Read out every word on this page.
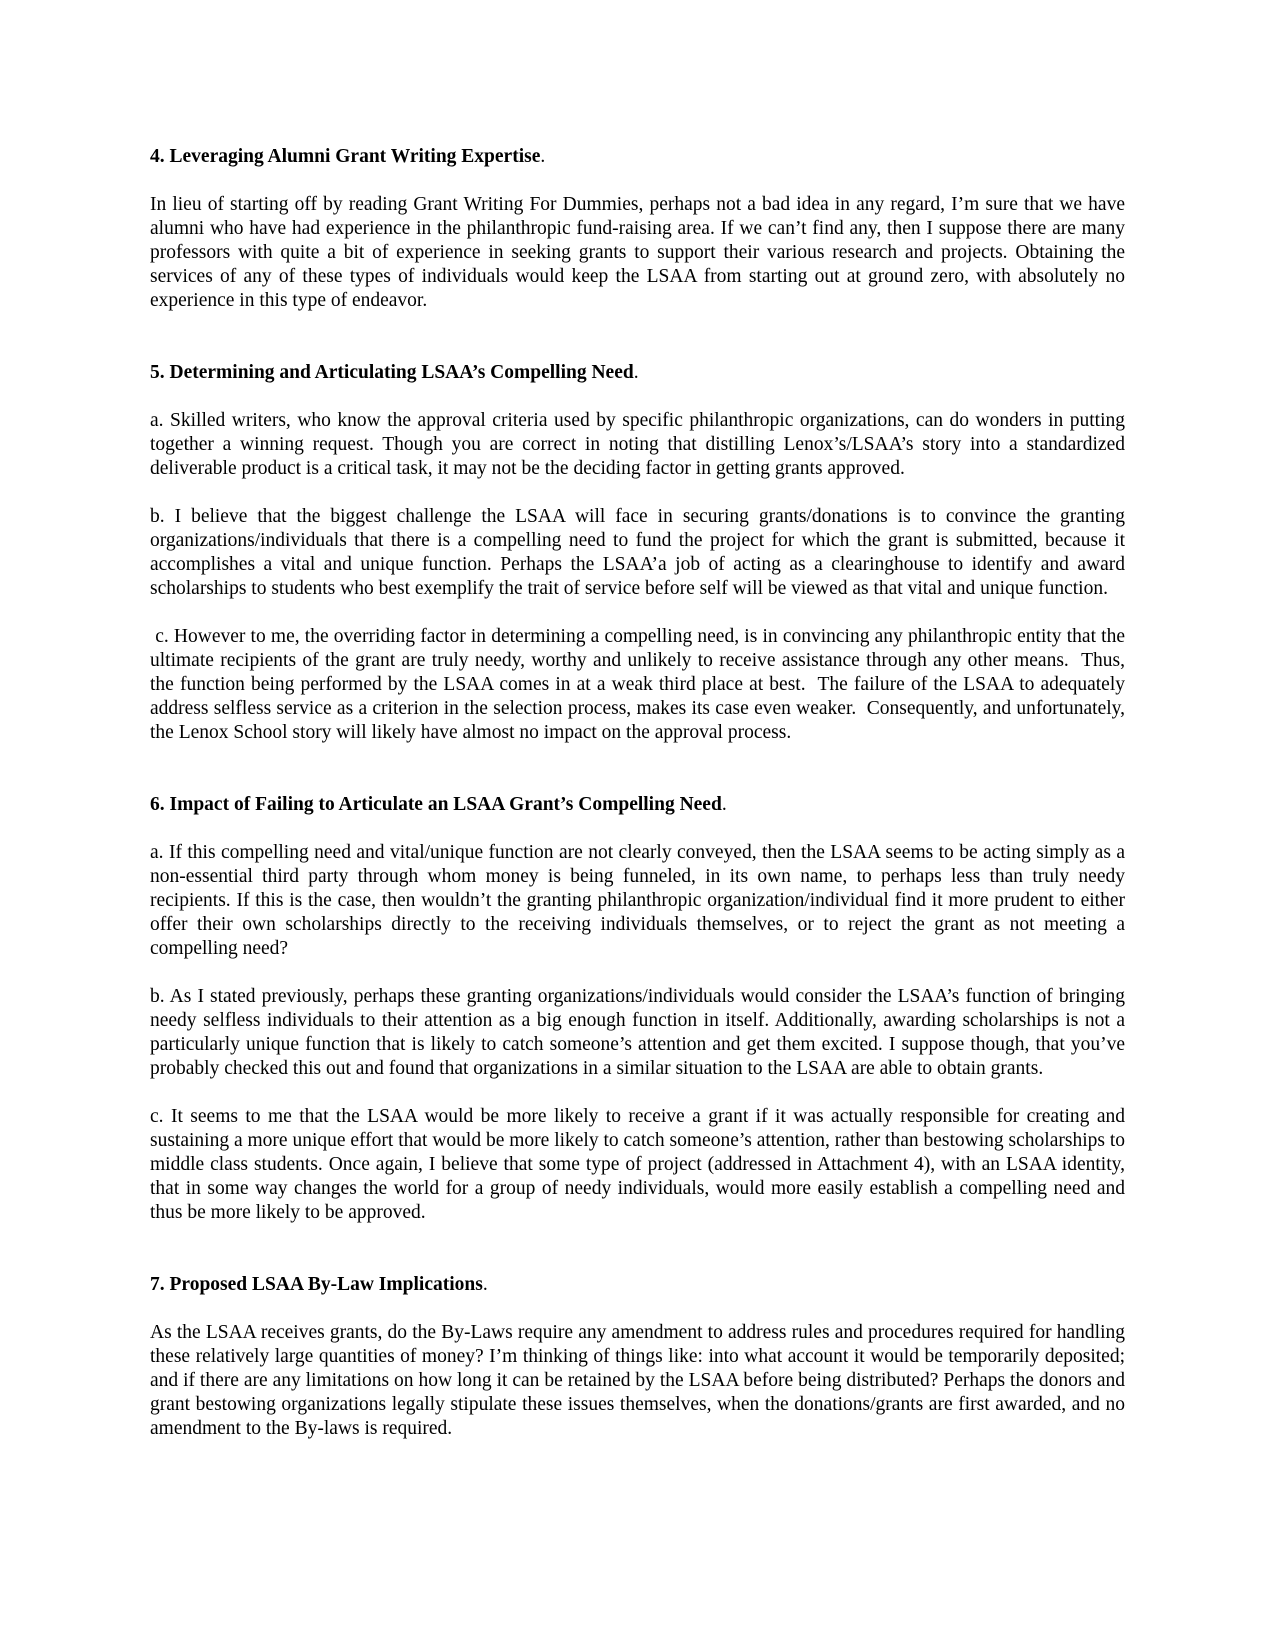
4. Leveraging Alumni Grant Writing Expertise.

In lieu of starting off by reading Grant Writing For Dummies, perhaps not a bad idea in any regard, I’m sure that we have alumni who have had experience in the philanthropic fund-raising area. If we can’t find any, then I suppose there are many professors with quite a bit of experience in seeking grants to support their various research and projects. Obtaining the services of any of these types of individuals would keep the LSAA from starting out at ground zero, with absolutely no experience in this type of endeavor.

5. Determining and Articulating LSAA’s Compelling Need.

a. Skilled writers, who know the approval criteria used by specific philanthropic organizations, can do wonders in putting together a winning request. Though you are correct in noting that distilling Lenox’s/LSAA’s story into a standardized deliverable product is a critical task, it may not be the deciding factor in getting grants approved.

b. I believe that the biggest challenge the LSAA will face in securing grants/donations is to convince the granting organizations/individuals that there is a compelling need to fund the project for which the grant is submitted, because it accomplishes a vital and unique function. Perhaps the LSAA’a job of acting as a clearinghouse to identify and award scholarships to students who best exemplify the trait of service before self will be viewed as that vital and unique function.

c. However to me, the overriding factor in determining a compelling need, is in convincing any philanthropic entity that the ultimate recipients of the grant are truly needy, worthy and unlikely to receive assistance through any other means.  Thus, the function being performed by the LSAA comes in at a weak third place at best.  The failure of the LSAA to adequately address selfless service as a criterion in the selection process, makes its case even weaker.  Consequently, and unfortunately, the Lenox School story will likely have almost no impact on the approval process.

6. Impact of Failing to Articulate an LSAA Grant’s Compelling Need.

a. If this compelling need and vital/unique function are not clearly conveyed, then the LSAA seems to be acting simply as a non-essential third party through whom money is being funneled, in its own name, to perhaps less than truly needy recipients. If this is the case, then wouldn’t the granting philanthropic organization/individual find it more prudent to either offer their own scholarships directly to the receiving individuals themselves, or to reject the grant as not meeting a compelling need?

b. As I stated previously, perhaps these granting organizations/individuals would consider the LSAA’s function of bringing needy selfless individuals to their attention as a big enough function in itself. Additionally, awarding scholarships is not a particularly unique function that is likely to catch someone’s attention and get them excited. I suppose though, that you’ve probably checked this out and found that organizations in a similar situation to the LSAA are able to obtain grants.

c. It seems to me that the LSAA would be more likely to receive a grant if it was actually responsible for creating and sustaining a more unique effort that would be more likely to catch someone’s attention, rather than bestowing scholarships to middle class students. Once again, I believe that some type of project (addressed in Attachment 4), with an LSAA identity, that in some way changes the world for a group of needy individuals, would more easily establish a compelling need and thus be more likely to be approved.

7. Proposed LSAA By-Law Implications.

As the LSAA receives grants, do the By-Laws require any amendment to address rules and procedures required for handling these relatively large quantities of money? I’m thinking of things like: into what account it would be temporarily deposited; and if there are any limitations on how long it can be retained by the LSAA before being distributed? Perhaps the donors and grant bestowing organizations legally stipulate these issues themselves, when the donations/grants are first awarded, and no amendment to the By-laws is required.
